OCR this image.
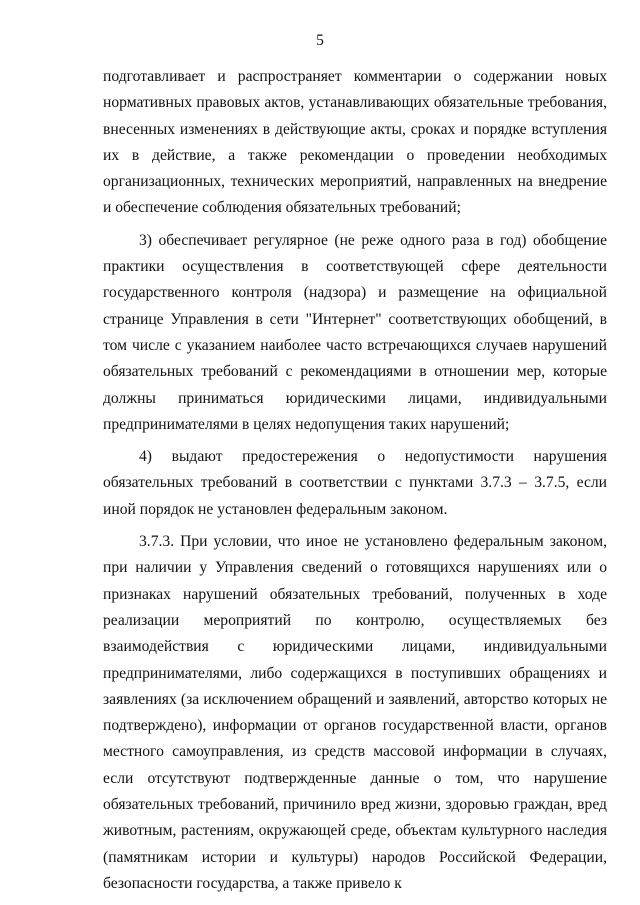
5

подготавливает и распространяет комментарии о содержании новых нормативных правовых актов, устанавливающих обязательные требования, внесенных изменениях в действующие акты, сроках и порядке вступления их в действие, а также рекомендации о проведении необходимых организационных, технических мероприятий, направленных на внедрение и обеспечение соблюдения обязательных требований;

3) обеспечивает регулярное (не реже одного раза в год) обобщение практики осуществления в соответствующей сфере деятельности государственного контроля (надзора) и размещение на официальной странице Управления в сети "Интернет" соответствующих обобщений, в том числе с указанием наиболее часто встречающихся случаев нарушений обязательных требований с рекомендациями в отношении мер, которые должны приниматься юридическими лицами, индивидуальными предпринимателями в целях недопущения таких нарушений;

4) выдают предостережения о недопустимости нарушения обязательных требований в соответствии с пунктами 3.7.3 – 3.7.5, если иной порядок не установлен федеральным законом.

3.7.3. При условии, что иное не установлено федеральным законом, при наличии у Управления сведений о готовящихся нарушениях или о признаках нарушений обязательных требований, полученных в ходе реализации мероприятий по контролю, осуществляемых без взаимодействия с юридическими лицами, индивидуальными предпринимателями, либо содержащихся в поступивших обращениях и заявлениях (за исключением обращений и заявлений, авторство которых не подтверждено), информации от органов государственной власти, органов местного самоуправления, из средств массовой информации в случаях, если отсутствуют подтвержденные данные о том, что нарушение обязательных требований, причинило вред жизни, здоровью граждан, вред животным, растениям, окружающей среде, объектам культурного наследия (памятникам истории и культуры) народов Российской Федерации, безопасности государства, а также привело к
